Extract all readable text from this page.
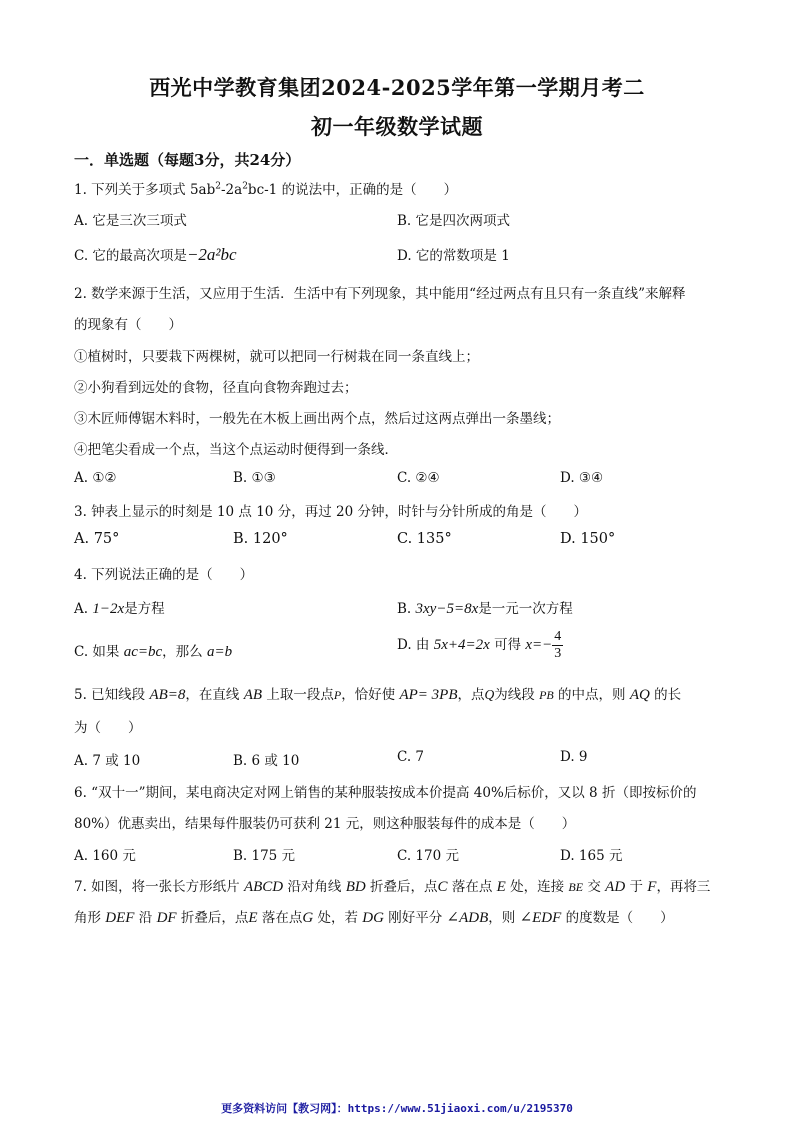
西光中学教育集团2024-2025学年第一学期月考二
初一年级数学试题
一．单选题（每题3分，共24分）
1. 下列关于多项式 $5ab^2-2a^2bc-1$ 的说法中，正确的是（　　）
A. 它是三次三项式	B. 它是四次两项式
C. 它的最高次项是−2a²bc	D. 它的常数项是 1
2. 数学来源于生活，又应用于生活．生活中有下列现象，其中能用“经过两点有且只有一条直线”来解释
的现象有（　　）
①植树时，只要栽下两棵树，就可以把同一行树栽在同一条直线上；
②小狗看到远处的食物，径直向食物奔跑过去；
③木匠师傅锯木料时，一般先在木板上画出两个点，然后过这两点弹出一条墨线；
④把笔尖看成一个点，当这个点运动时便得到一条线．
A. ①②	B. ①③	C. ②④	D. ③④
3. 钟表上显示的时刻是 10 点 10 分，再过 20 分钟，时针与分针所成的角是（　　）
A. 75°	B. 120°	C. 135°	D. 150°
4. 下列说法正确的是（　　）
A. 1−2x是方程	B. 3xy−5=8x是一元一次方程
C. 如果 ac=bc，那么 a=b	D. 由 5x+4=2x 可得 $x=- \frac{4}{3}$
5. 已知线段 AB=8，在直线 AB 上取一段点P，恰好使 AP= 3PB，点Q为线段 PB 的中点，则 AQ 的长
为（　　）
A. 7 或 10	B. 6 或 10	C. 7	D. 9
6. “双十一”期间，某电商决定对网上销售的某种服装按成本价提高 40%后标价，又以 8 折（即按标价的
80%）优惠卖出，结果每件服装仍可获利 21 元，则这种服装每件的成本是（　　）
A. 160 元	B. 175 元	C. 170 元	D. 165 元
7. 如图，将一张长方形纸片 ABCD 沿对角线 BD 折叠后，点C 落在点 E 处，连接 BE 交 AD 于 F，再将三
角形 DEF 沿 DF 折叠后，点E 落在点G 处，若 DG 刚好平分 ∠ADB，则 ∠EDF 的度数是（　　）
更多资料访问【教习网】：https://www.51jiaoxi.com/u/2195370
